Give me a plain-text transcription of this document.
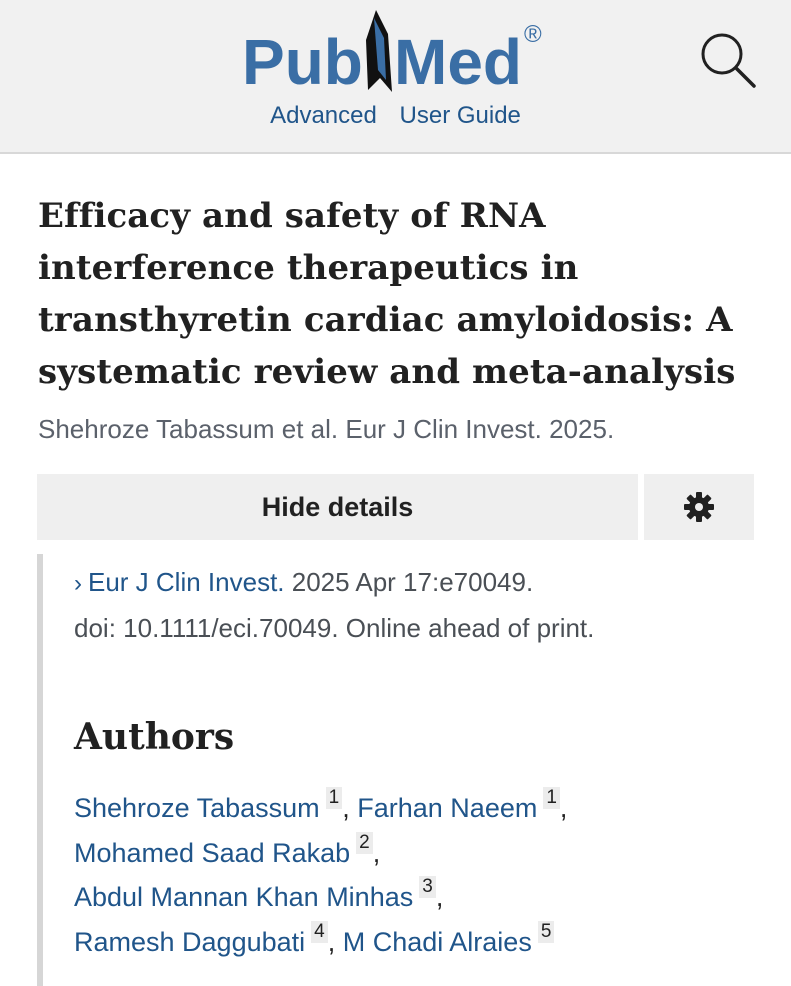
Pub Med ®
Advanced User Guide
Efficacy and safety of RNA interference therapeutics in transthyretin cardiac amyloidosis: A systematic review and meta-analysis
Shehroze Tabassum et al. Eur J Clin Invest. 2025.
Hide details
› Eur J Clin Invest. 2025 Apr 17:e70049.
doi: 10.1111/eci.70049. Online ahead of print.
Authors
Shehroze Tabassum 1 , Farhan Naeem 1 ,
Mohamed Saad Rakab 2 ,
Abdul Mannan Khan Minhas 3 ,
Ramesh Daggubati 4 , M Chadi Alraies 5
